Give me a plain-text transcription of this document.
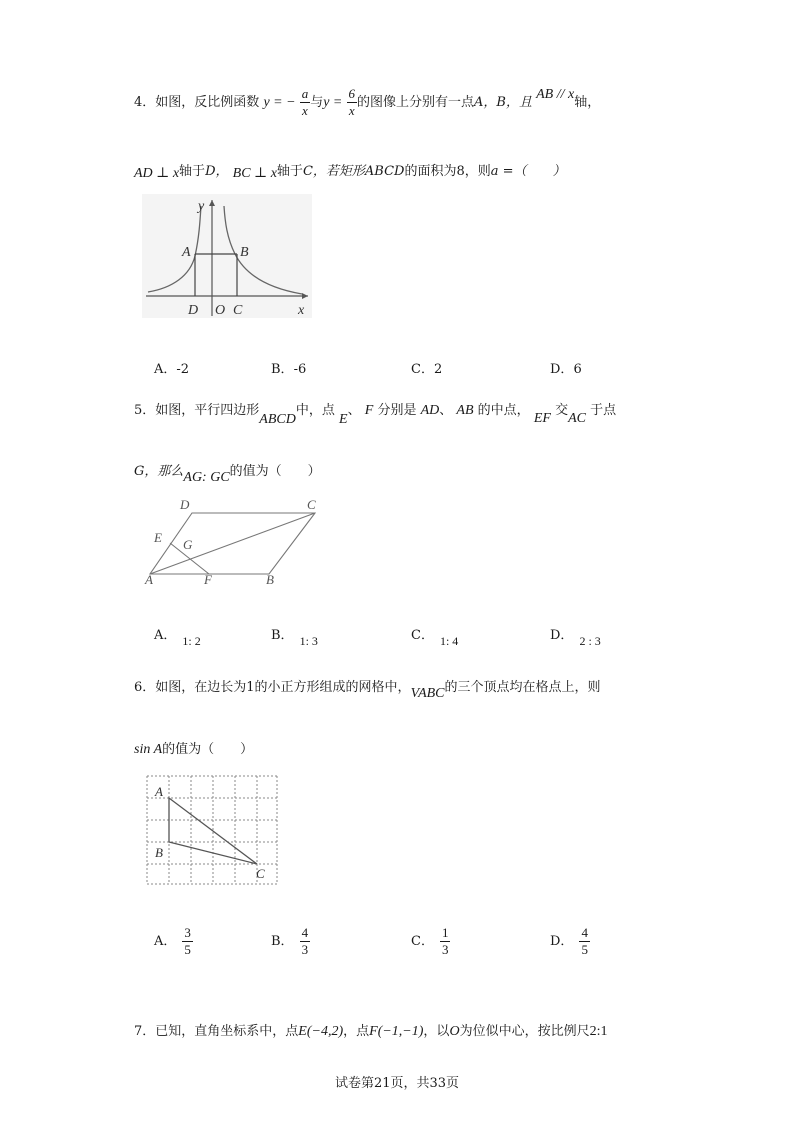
4．如图，反比例函数 y = − $\frac{a}{x}$ 与$y = \frac{6}{x}$ 的图像上分别有一点A，B，且 AB // x轴，
AD ⊥ x轴于D， BC ⊥ x轴于C，若矩形ABCD的面积为8，则a =（　　）
y
x
A	B
D O C
A．-2	B．-6	C．2	D．6
5．如图，平行四边形ABCD中，点 E、 F 分别是 AD、 AB 的中点， EF 交AC 于点
G，那么AG: GC的值为（　　）
D	C
E G
A	F	B
A． 1: 2	B． 1: 3	C． 1: 4	D． 2 : 3
6．如图，在边长为1的小正方形组成的网格中，VABC的三个顶点均在格点上，则
sin A的值为（　　）
A
B
C
A． $\frac{3}{5}$	B． $\frac{4}{3}$	C． $\frac{1}{3}$	D． $\frac{4}{5}$
7．已知，直角坐标系中，点E(−4,2)，点F(−1,−1)，以O为位似中心，按比例尺2:1
试卷第21页，共33页
